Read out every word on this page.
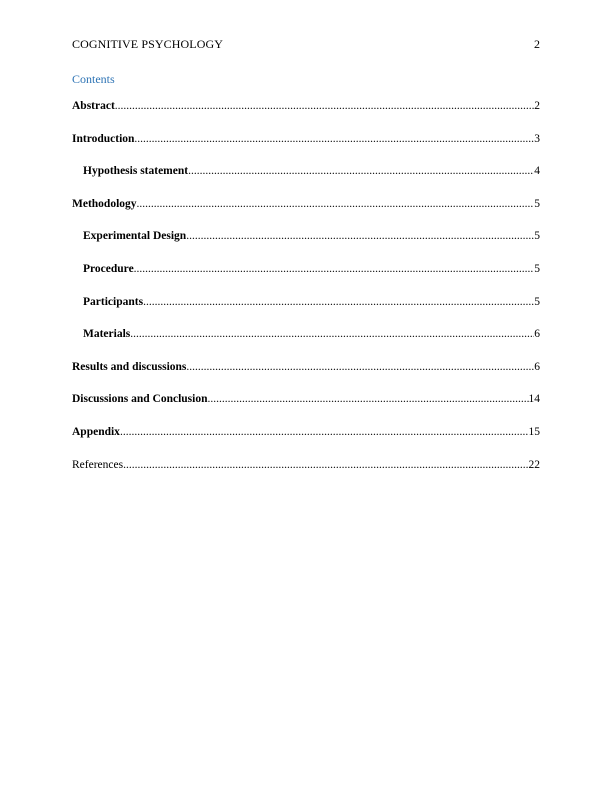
COGNITIVE PSYCHOLOGY	2
Contents
Abstract .....	2
Introduction .....	3
Hypothesis statement .....	4
Methodology .....	5
Experimental Design .....	5
Procedure .....	5
Participants .....	5
Materials .....	6
Results and discussions .....	6
Discussions and Conclusion .....	14
Appendix .....	15
References .....	22
